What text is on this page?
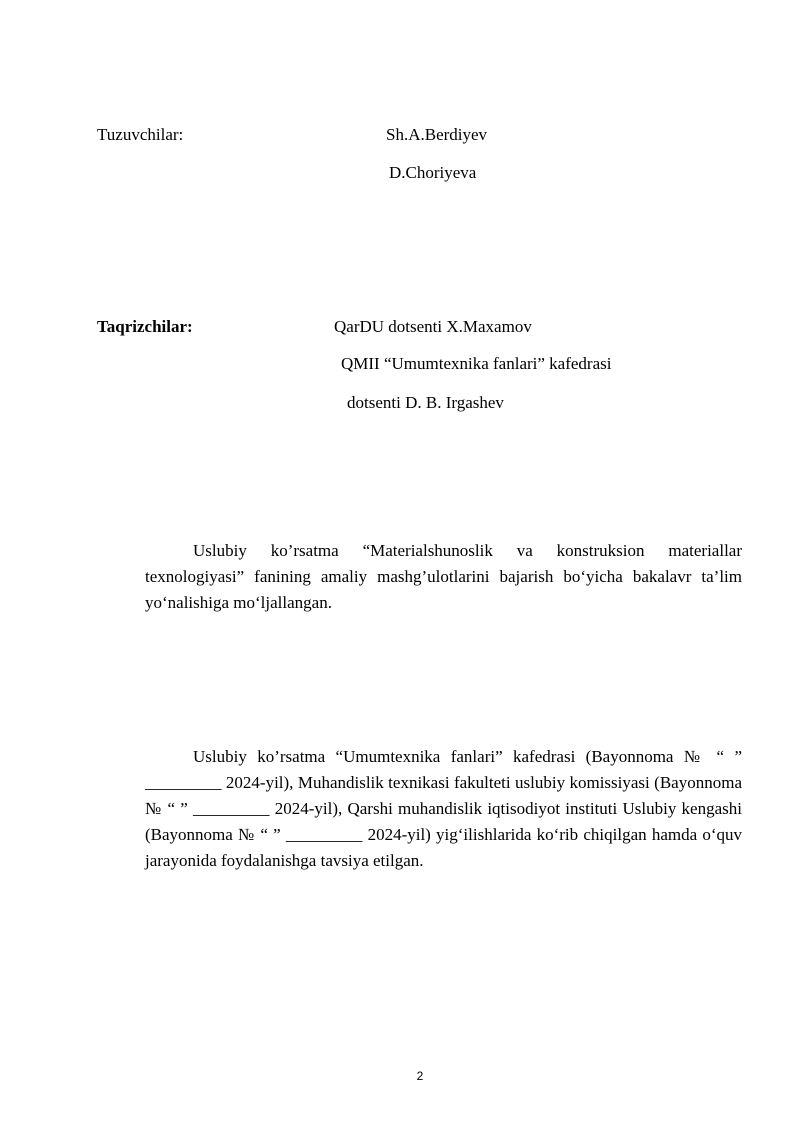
Tuzuvchilar:	Sh.A.Berdiyev
D.Choriyeva
Taqrizchilar:	QarDU dotsenti X.Maxamov
QMII “Umumtexnika fanlari” kafedrasi
dotsenti D. B. Irgashev

Uslubiy ko’rsatma “Materialshunoslik va konstruksion materiallar texnologiyasi” fanining amaliy mashg’ulotlarini bajarish bo‘yicha bakalavr ta’lim yo‘nalishiga mo‘ljallangan.

Uslubiy ko’rsatma “Umumtexnika fanlari” kafedrasi (Bayonnoma № “ ” _________ 2024-yil), Muhandislik texnikasi fakulteti uslubiy komissiyasi (Bayonnoma № “ ” _________ 2024-yil), Qarshi muhandislik iqtisodiyot instituti Uslubiy kengashi (Bayonnoma № “ ” _________ 2024-yil) yig‘ilishlarida ko‘rib chiqilgan hamda o‘quv jarayonida foydalanishga tavsiya etilgan.

2
